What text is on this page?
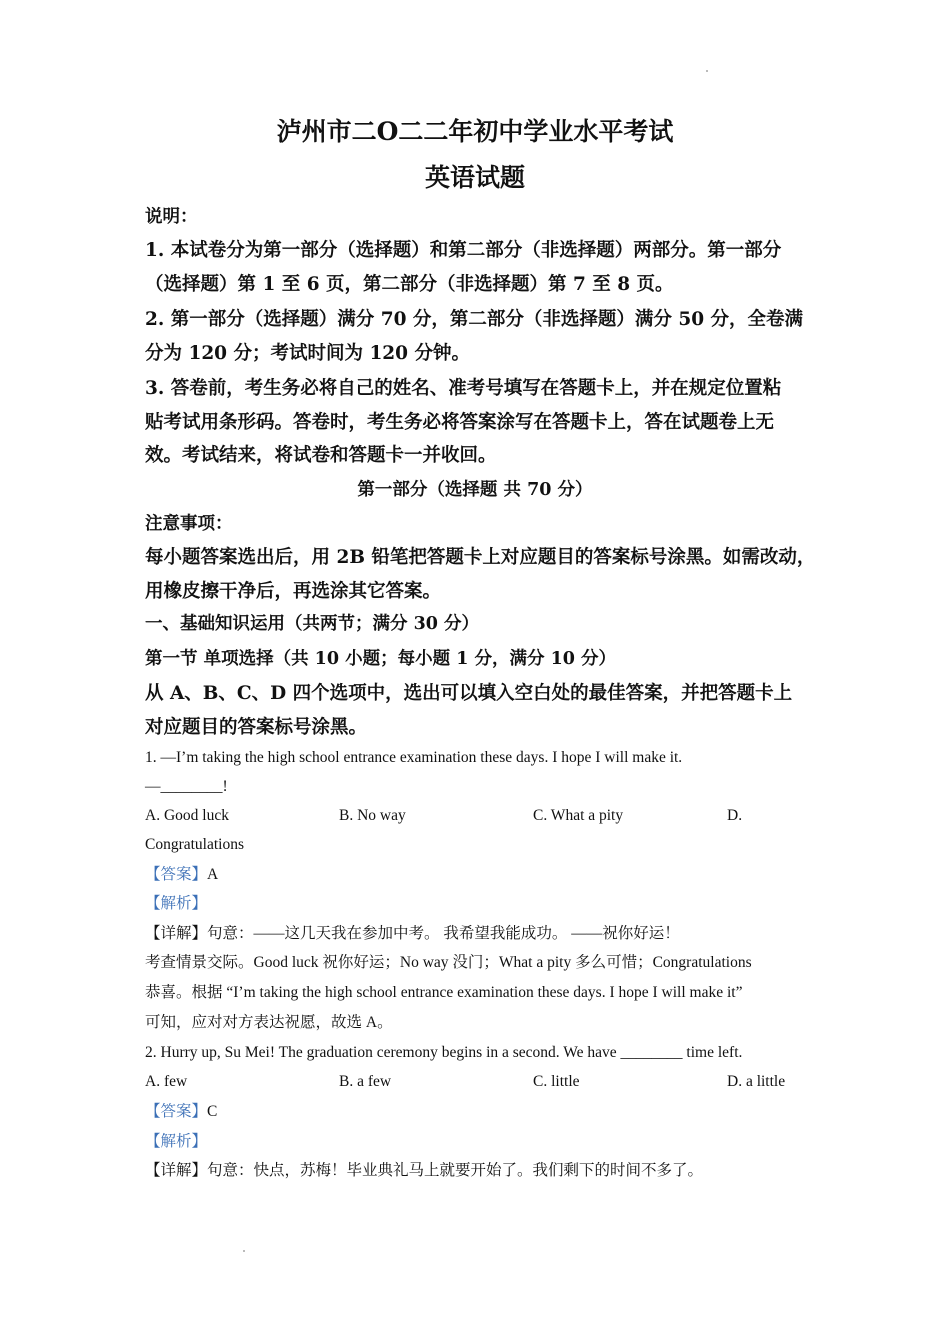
泸州市二O二二年初中学业水平考试
英语试题
说明：
1. 本试卷分为第一部分（选择题）和第二部分（非选择题）两部分。第一部分
（选择题）第 1 至 6 页，第二部分（非选择题）第 7 至 8 页。
2. 第一部分（选择题）满分 70 分，第二部分（非选择题）满分 50 分，全卷满
分为 120 分；考试时间为 120 分钟。
3. 答卷前，考生务必将自己的姓名、准考号填写在答题卡上，并在规定位置粘
贴考试用条形码。答卷时，考生务必将答案涂写在答题卡上，答在试题卷上无
效。考试结来，将试卷和答题卡一并收回。
第一部分（选择题 共 70 分）
注意事项：
每小题答案选出后，用 2B 铅笔把答题卡上对应题目的答案标号涂黑。如需改动，
用橡皮擦干净后，再选涂其它答案。
一、基础知识运用（共两节；满分 30 分）
第一节 单项选择（共 10 小题；每小题 1 分，满分 10 分）
从 A、B、C、D 四个选项中，选出可以填入空白处的最佳答案，并把答题卡上
对应题目的答案标号涂黑。
1. —I’m taking the high school entrance examination these days. I hope I will make it.
—________!
A. Good luck	B. No way	C. What a pity	D.
Congratulations
【答案】A
【解析】
【详解】句意：——这几天我在参加中考。 我希望我能成功。 ——祝你好运！
考查情景交际。Good luck 祝你好运；No way 没门；What a pity 多么可惜；Congratulations
恭喜。根据 “I’m taking the high school entrance examination these days. I hope I will make it”
可知，应对对方表达祝愿，故选 A。
2. Hurry up, Su Mei! The graduation ceremony begins in a second. We have ________ time left.
A. few	B. a few	C. little	D. a little
【答案】C
【解析】
【详解】句意：快点，苏梅！毕业典礼马上就要开始了。我们剩下的时间不多了。
